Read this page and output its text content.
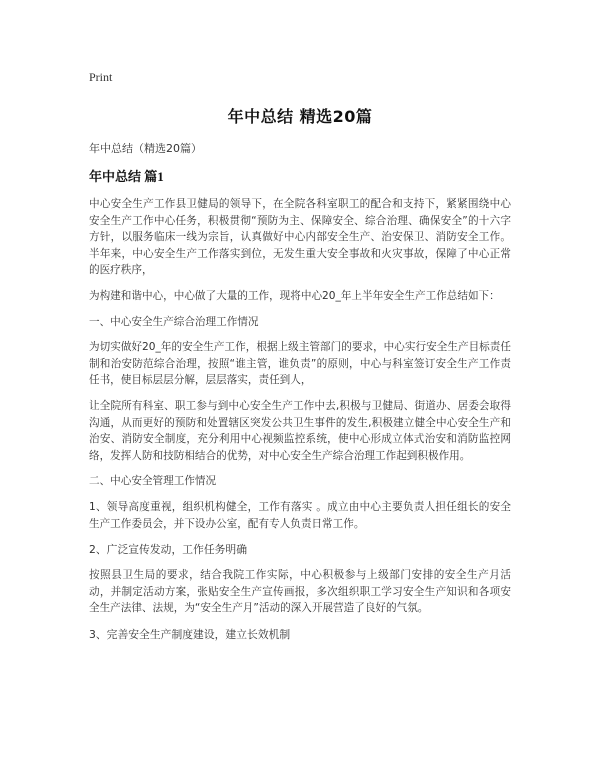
Print

年中总结 精选20篇

年中总结（精选20篇）

年中总结 篇1

中心安全生产工作县卫健局的领导下，在全院各科室职工的配合和支持下，紧紧围绕中心安全生产工作中心任务，积极贯彻“预防为主、保障安全、综合治理、确保安全”的十六字方针，以服务临床一线为宗旨，认真做好中心内部安全生产、治安保卫、消防安全工作。半年来，中心安全生产工作落实到位，无发生重大安全事故和火灾事故，保障了中心正常的医疗秩序，

为构建和谐中心，中心做了大量的工作，现将中心20_年上半年安全生产工作总结如下：

一、中心安全生产综合治理工作情况

为切实做好20_年的安全生产工作，根据上级主管部门的要求，中心实行安全生产目标责任制和治安防范综合治理，按照“谁主管，谁负责”的原则，中心与科室签订安全生产工作责任书，使目标层层分解，层层落实，责任到人，

让全院所有科室、职工参与到中心安全生产工作中去,积极与卫健局、街道办、居委会取得沟通，从而更好的预防和处置辖区突发公共卫生事件的发生,积极建立健全中心安全生产和治安、消防安全制度，充分利用中心视频监控系统，使中心形成立体式治安和消防监控网络，发挥人防和技防相结合的优势，对中心安全生产综合治理工作起到积极作用。

二、中心安全管理工作情况

1、领导高度重视，组织机构健全，工作有落实 。成立由中心主要负责人担任组长的安全生产工作委员会，并下设办公室，配有专人负责日常工作。

2、广泛宣传发动，工作任务明确

按照县卫生局的要求，结合我院工作实际，中心积极参与上级部门安排的安全生产月活动，并制定活动方案，张贴安全生产宣传画报，多次组织职工学习安全生产知识和各项安全生产法律、法规，为“安全生产月”活动的深入开展营造了良好的气氛。

3、完善安全生产制度建设，建立长效机制
